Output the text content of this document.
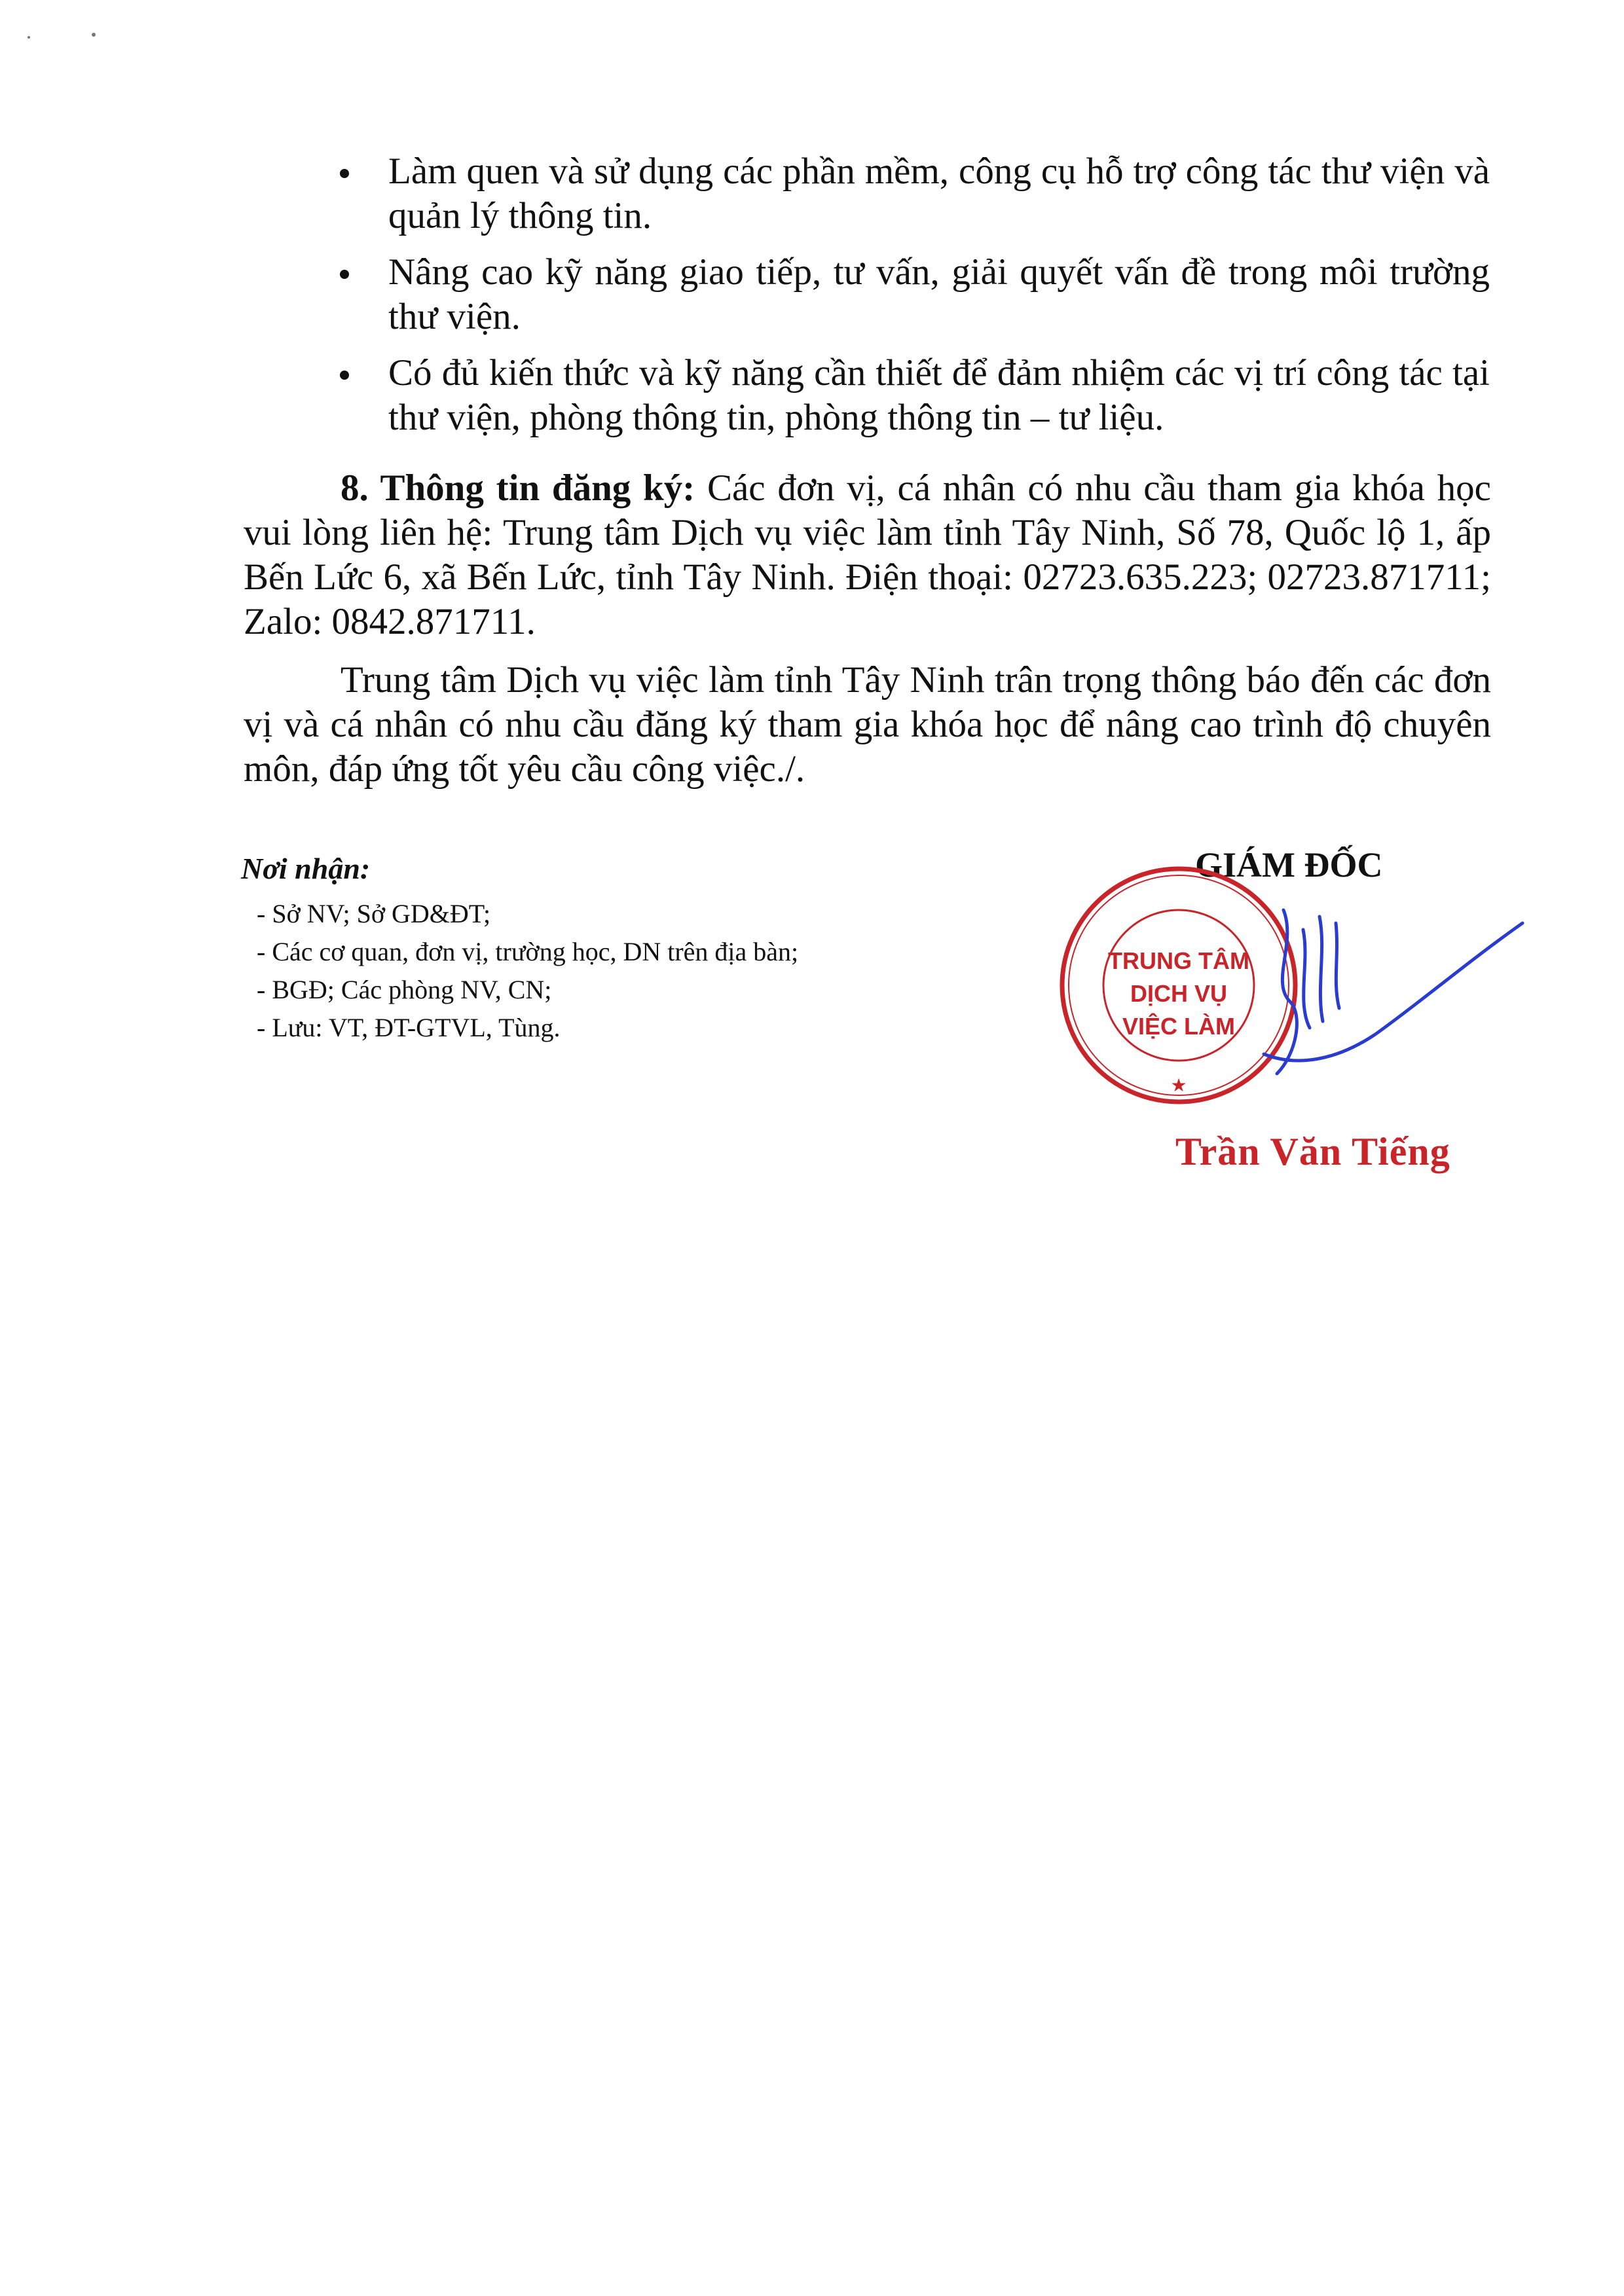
Làm quen và sử dụng các phần mềm, công cụ hỗ trợ công tác thư viện và quản lý thông tin.
Nâng cao kỹ năng giao tiếp, tư vấn, giải quyết vấn đề trong môi trường thư viện.
Có đủ kiến thức và kỹ năng cần thiết để đảm nhiệm các vị trí công tác tại thư viện, phòng thông tin, phòng thông tin – tư liệu.

8. Thông tin đăng ký: Các đơn vị, cá nhân có nhu cầu tham gia khóa học vui lòng liên hệ: Trung tâm Dịch vụ việc làm tỉnh Tây Ninh, Số 78, Quốc lộ 1, ấp Bến Lức 6, xã Bến Lức, tỉnh Tây Ninh. Điện thoại: 02723.635.223; 02723.871711; Zalo: 0842.871711.

Trung tâm Dịch vụ việc làm tỉnh Tây Ninh trân trọng thông báo đến các đơn vị và cá nhân có nhu cầu đăng ký tham gia khóa học để nâng cao trình độ chuyên môn, đáp ứng tốt yêu cầu công việc./.

Nơi nhận:

- Sở NV; Sở GD&ĐT;

- Các cơ quan, đơn vị, trường học, DN trên địa bàn;

- BGĐ; Các phòng NV, CN;

- Lưu: VT, ĐT-GTVL, Tùng.

GIÁM ĐỐC
TRUNG TÂM
DỊCH VỤ
VIỆC LÀM
★
Trần Văn Tiếng
